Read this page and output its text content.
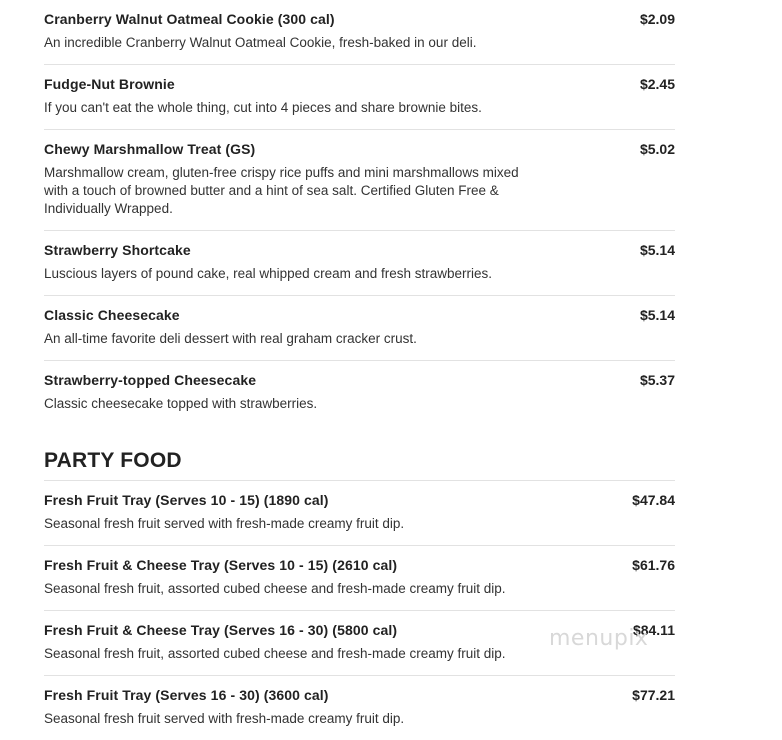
Cranberry Walnut Oatmeal Cookie (300 cal)	$2.09
An incredible Cranberry Walnut Oatmeal Cookie, fresh-baked in our deli.
Fudge-Nut Brownie	$2.45
If you can't eat the whole thing, cut into 4 pieces and share brownie bites.
Chewy Marshmallow Treat (GS)	$5.02
Marshmallow cream, gluten-free crispy rice puffs and mini marshmallows mixed with a touch of browned butter and a hint of sea salt. Certified Gluten Free & Individually Wrapped.
Strawberry Shortcake	$5.14
Luscious layers of pound cake, real whipped cream and fresh strawberries.
Classic Cheesecake	$5.14
An all-time favorite deli dessert with real graham cracker crust.
Strawberry-topped Cheesecake	$5.37
Classic cheesecake topped with strawberries.
PARTY FOOD
Fresh Fruit Tray (Serves 10 - 15) (1890 cal)	$47.84
Seasonal fresh fruit served with fresh-made creamy fruit dip.
Fresh Fruit & Cheese Tray (Serves 10 - 15) (2610 cal)	$61.76
Seasonal fresh fruit, assorted cubed cheese and fresh-made creamy fruit dip.
Fresh Fruit & Cheese Tray (Serves 16 - 30) (5800 cal)	$84.11
Seasonal fresh fruit, assorted cubed cheese and fresh-made creamy fruit dip.
Fresh Fruit Tray (Serves 16 - 30) (3600 cal)	$77.21
Seasonal fresh fruit served with fresh-made creamy fruit dip.
menupix
